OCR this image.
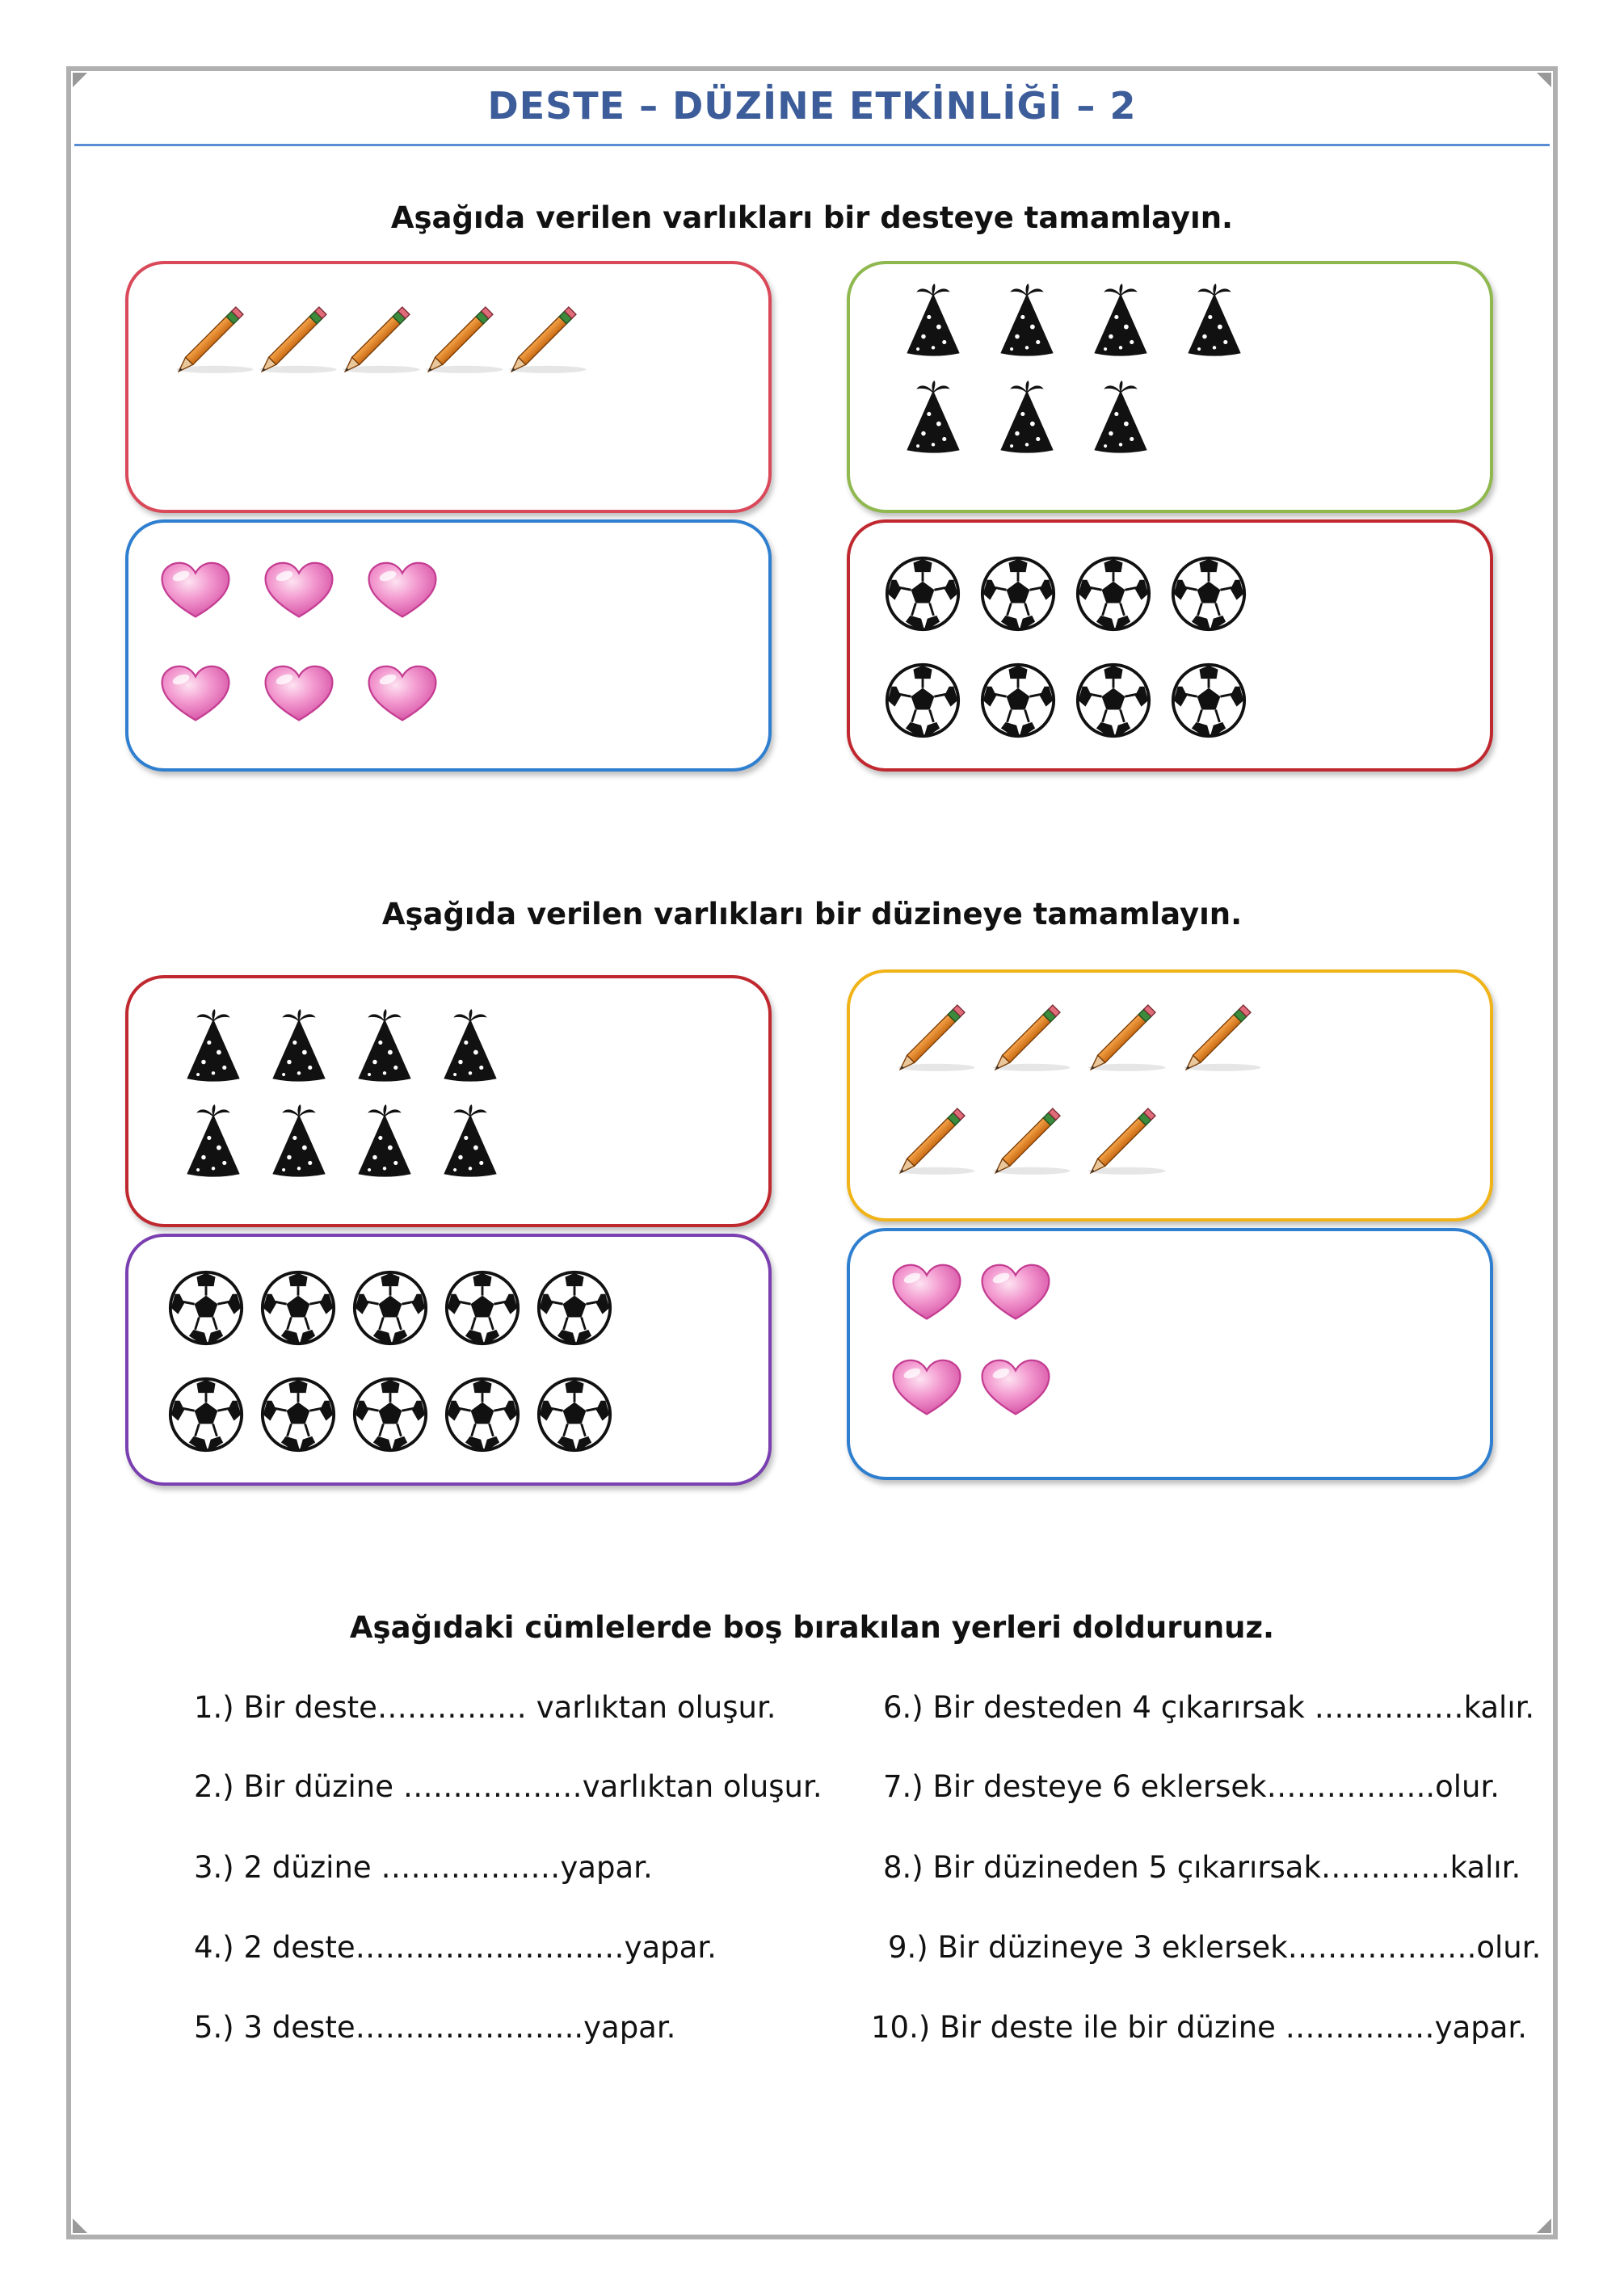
DESTE – DÜZİNE ETKİNLİĞİ – 2
Aşağıda verilen varlıkları bir desteye tamamlayın.
Aşağıda verilen varlıkları bir düzineye tamamlayın.
Aşağıdaki cümlelerde boş bırakılan yerleri doldurunuz.
1.) Bir deste…………… varlıktan oluşur.
2.) Bir düzine ………………varlıktan oluşur.
3.) 2 düzine ………………yapar.
4.) 2 deste………………………yapar.
5.) 3 deste…………………..yapar.
6.) Bir desteden 4 çıkarırsak ……………kalır.
7.) Bir desteye 6 eklersek……………..olur.
8.) Bir düzineden 5 çıkarırsak………….kalır.
9.) Bir düzineye 3 eklersek……………….olur.
10.) Bir deste ile bir düzine ……………yapar.
